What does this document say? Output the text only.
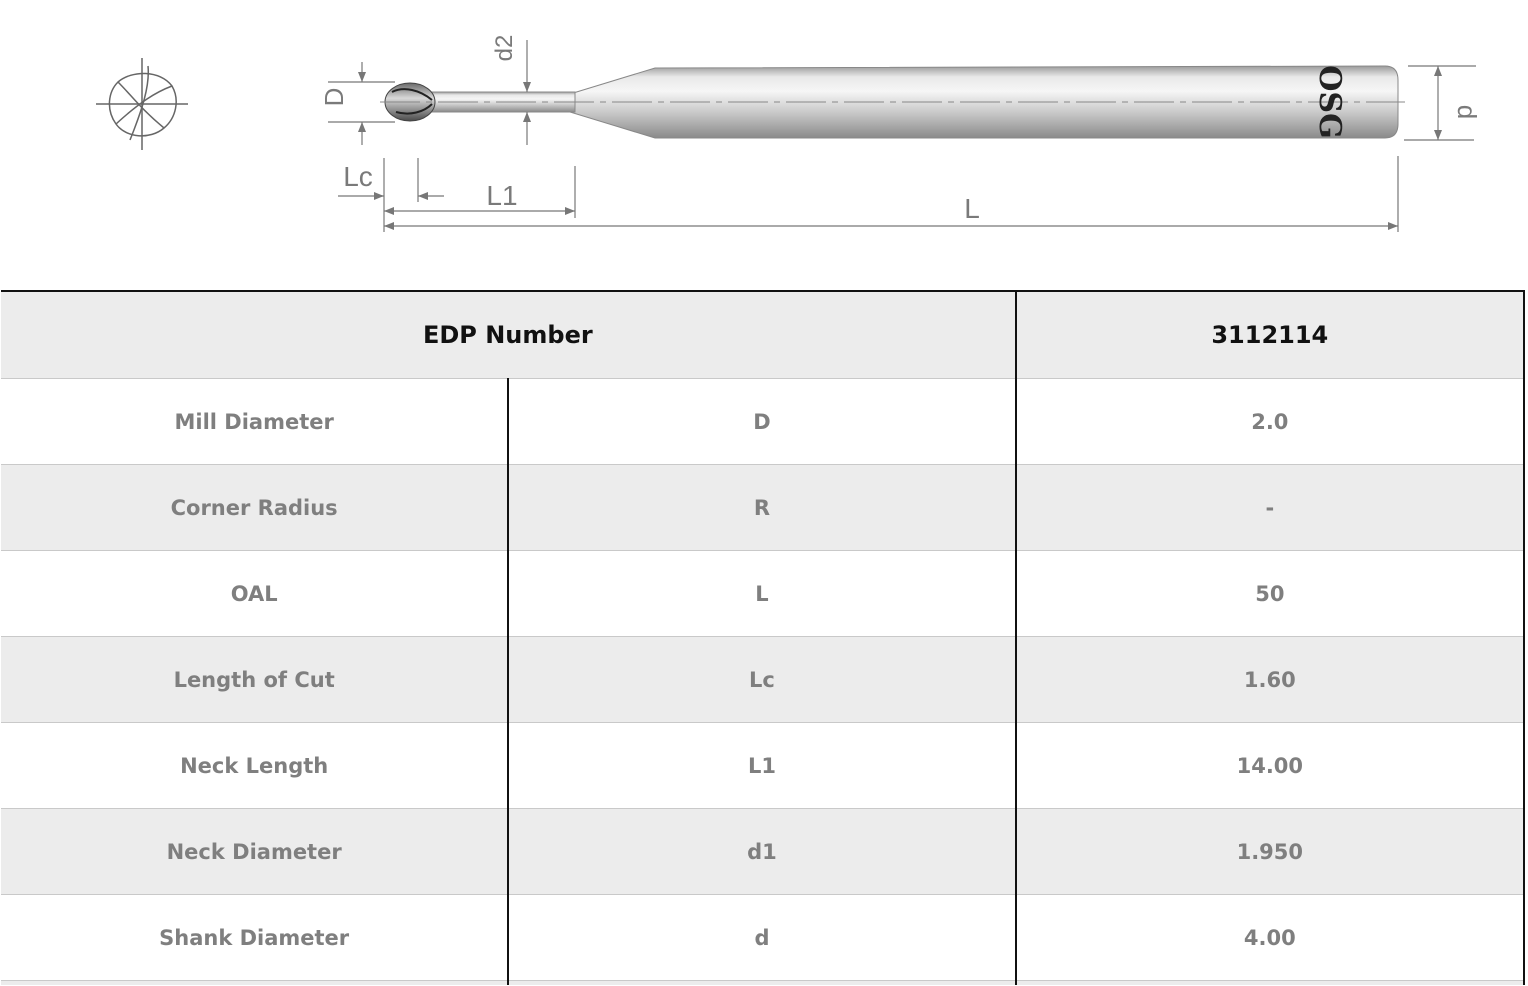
OSG
D
d2
d
Lc
L1	L
EDP Number		3112114
Mill Diameter	D	2.0
Corner Radius	R	-
OAL	L	50
Length of Cut	Lc	1.60
Neck Length	L1	14.00
Neck Diameter	d1	1.950
Shank Diameter	d	4.00
